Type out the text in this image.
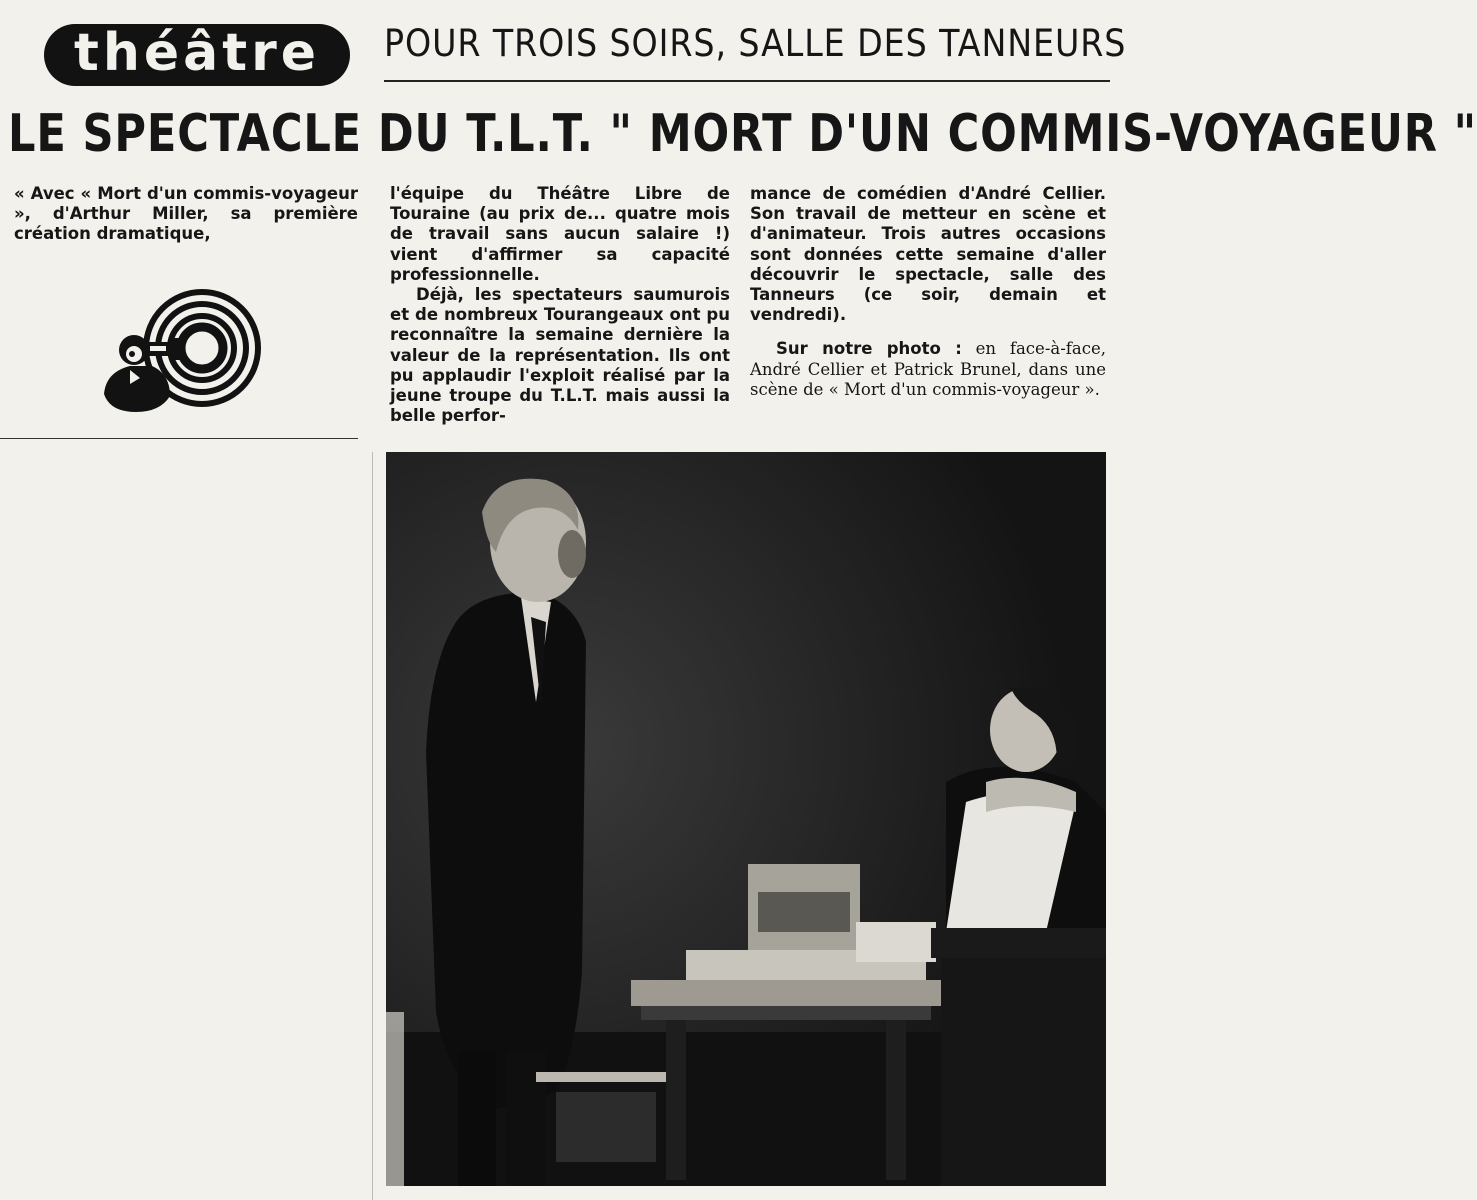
théâtre POUR TROIS SOIRS, SALLE DES TANNEURS
LE SPECTACLE DU T.L.T. " MORT D'UN COMMIS-VOYAGEUR "

« Avec « Mort d'un commis-voyageur », d'Arthur Miller, sa première création dramatique,

l'équipe du Théâtre Libre de Touraine (au prix de... quatre mois de travail sans aucun salaire !) vient d'affirmer sa capacité professionnelle.

Déjà, les spectateurs saumurois et de nombreux Tourangeaux ont pu reconnaître la semaine dernière la valeur de la représentation. Ils ont pu applaudir l'exploit réalisé par la jeune troupe du T.L.T. mais aussi la belle perfor-

mance de comédien d'André Cellier. Son travail de metteur en scène et d'animateur. Trois autres occasions sont données cette semaine d'aller découvrir le spectacle, salle des Tanneurs (ce soir, demain et vendredi).

Sur notre photo : en face-à-face, André Cellier et Patrick Brunel, dans une scène de « Mort d'un commis-voyageur ».
